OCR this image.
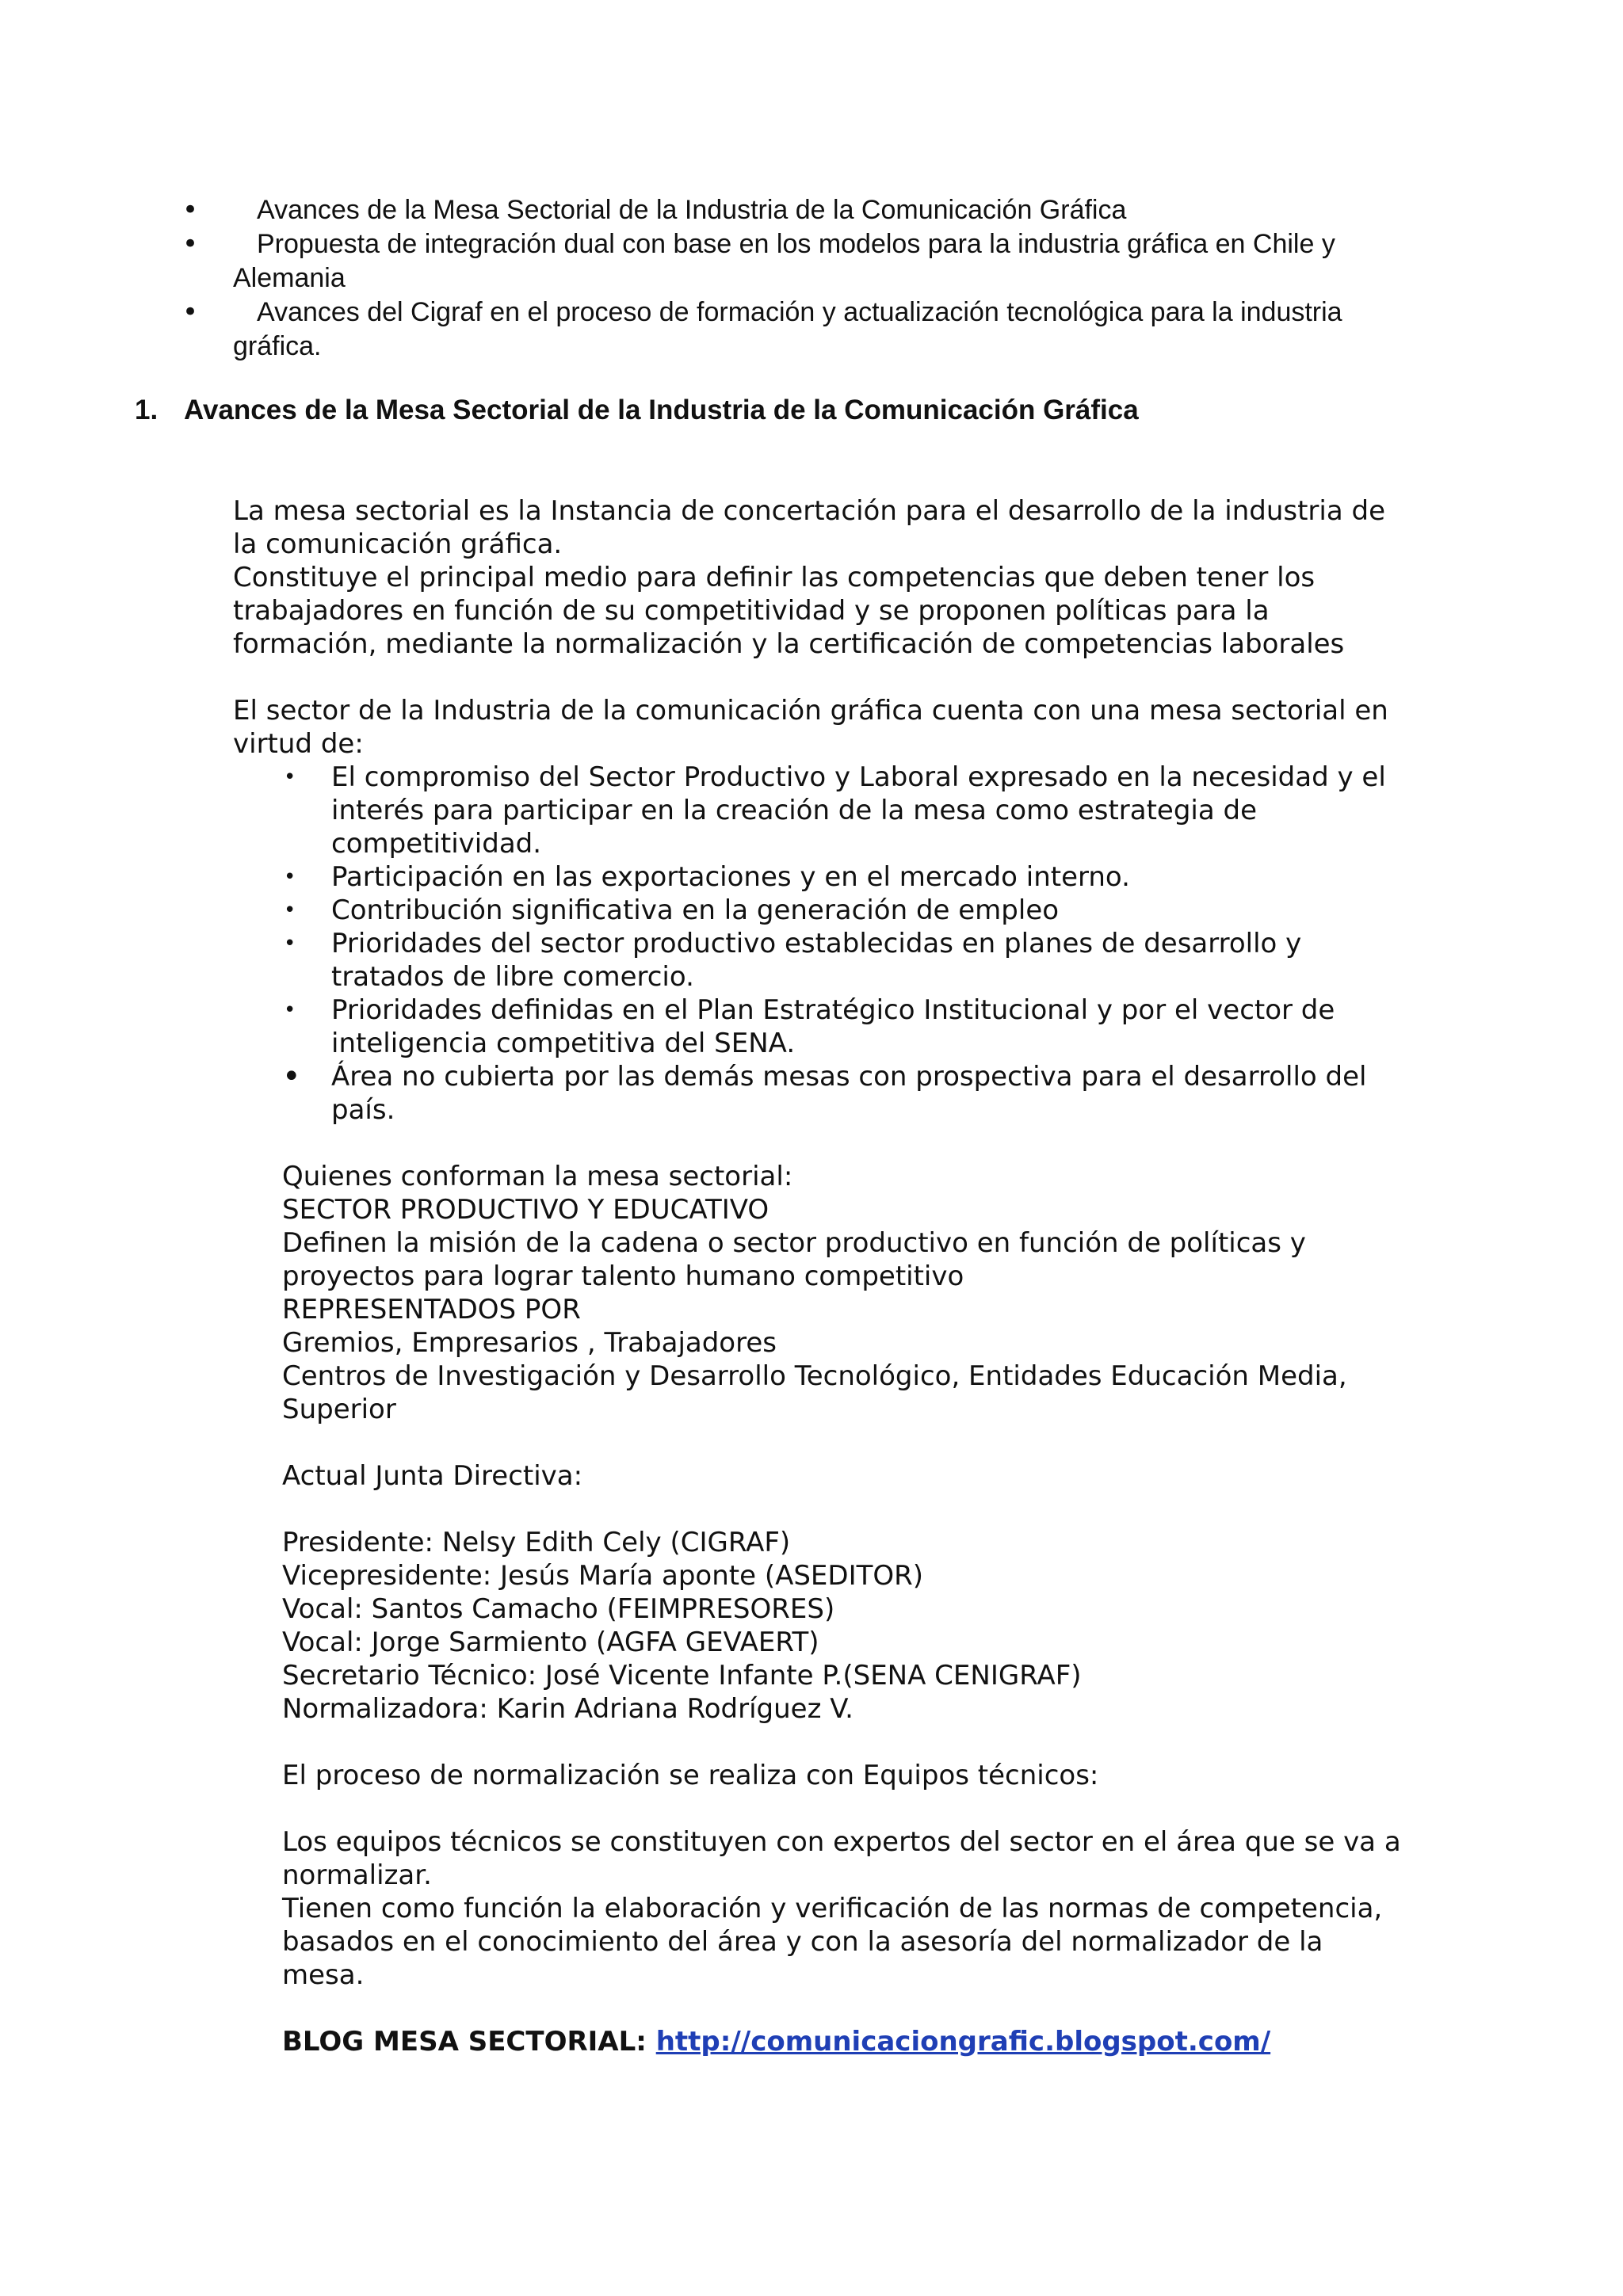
• Avances de la Mesa Sectorial de la Industria de la Comunicación Gráfica
• Propuesta de integración dual con base en los modelos para la industria gráfica en Chile y Alemania
• Avances del Cigraf en el proceso de formación y actualización tecnológica para la industria gráfica.
1. Avances de la Mesa Sectorial de la Industria de la Comunicación Gráfica

La mesa sectorial es la Instancia de concertación para el desarrollo de la industria de la comunicación gráfica.

Constituye el principal medio para definir las competencias que deben tener los trabajadores en función de su competitividad y se proponen políticas para la formación, mediante la normalización y la certificación de competencias laborales

El sector de la Industria de la comunicación gráfica cuenta con una mesa sectorial en virtud de:

• El compromiso del Sector Productivo y Laboral expresado en la necesidad y el interés para participar en la creación de la mesa como estrategia de competitividad.
• Participación en las exportaciones y en el mercado interno.
• Contribución significativa en la generación de empleo
• Prioridades del sector productivo establecidas en planes de desarrollo y tratados de libre comercio.
• Prioridades definidas en el Plan Estratégico Institucional y por el vector de inteligencia competitiva del SENA.
• Área no cubierta por las demás mesas con prospectiva para el desarrollo del país.

Quienes conforman la mesa sectorial:

SECTOR PRODUCTIVO Y EDUCATIVO

Definen la misión de la cadena o sector productivo en función de políticas y proyectos para lograr talento humano competitivo

REPRESENTADOS POR

Gremios, Empresarios , Trabajadores

Centros de Investigación y Desarrollo Tecnológico, Entidades Educación Media, Superior

Actual Junta Directiva:

Presidente: Nelsy Edith Cely (CIGRAF)

Vicepresidente: Jesús María aponte (ASEDITOR)

Vocal: Santos Camacho (FEIMPRESORES)

Vocal: Jorge Sarmiento (AGFA GEVAERT)

Secretario Técnico: José Vicente Infante P.(SENA CENIGRAF)

Normalizadora: Karin Adriana Rodríguez V.

El proceso de normalización se realiza con Equipos técnicos:

Los equipos técnicos se constituyen con expertos del sector en el área que se va a normalizar.

Tienen como función la elaboración y verificación de las normas de competencia, basados en el conocimiento del área y con la asesoría del normalizador de la mesa.

BLOG MESA SECTORIAL: http://comunicaciongrafic.blogspot.com/
